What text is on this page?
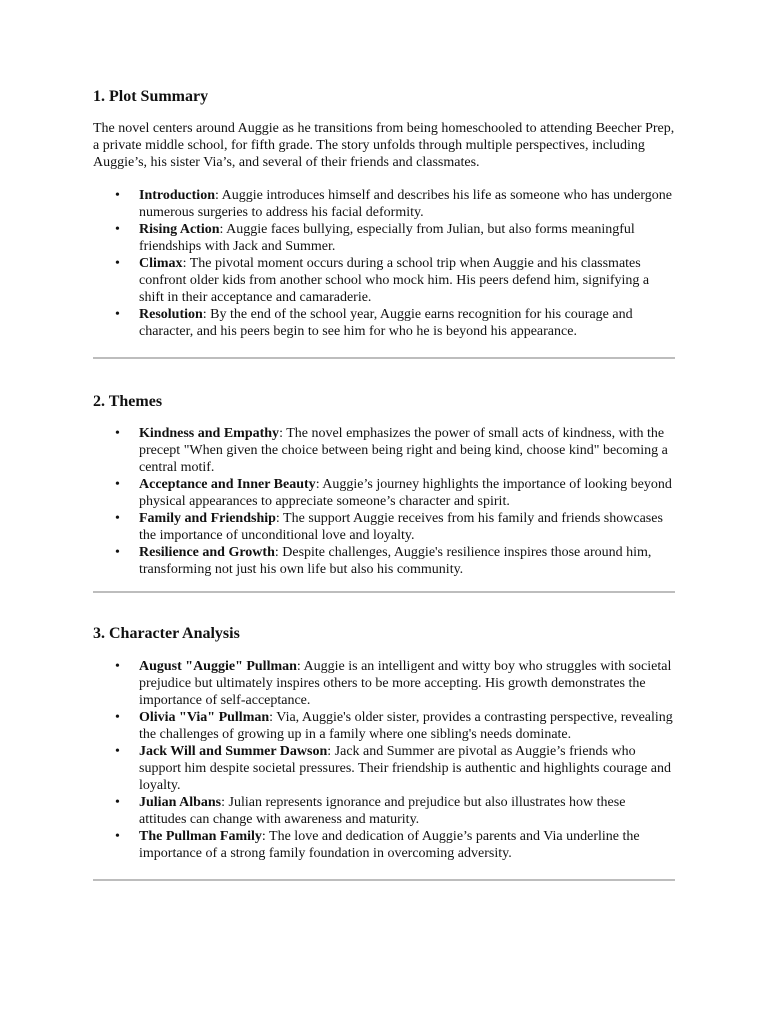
1. Plot Summary

The novel centers around Auggie as he transitions from being homeschooled to attending Beecher Prep, a private middle school, for fifth grade. The story unfolds through multiple perspectives, including Auggie’s, his sister Via’s, and several of their friends and classmates.

• Introduction: Auggie introduces himself and describes his life as someone who has undergone numerous surgeries to address his facial deformity.
• Rising Action: Auggie faces bullying, especially from Julian, but also forms meaningful friendships with Jack and Summer.
• Climax: The pivotal moment occurs during a school trip when Auggie and his classmates confront older kids from another school who mock him. His peers defend him, signifying a shift in their acceptance and camaraderie.
• Resolution: By the end of the school year, Auggie earns recognition for his courage and character, and his peers begin to see him for who he is beyond his appearance.
2. Themes
• Kindness and Empathy: The novel emphasizes the power of small acts of kindness, with the precept "When given the choice between being right and being kind, choose kind" becoming a central motif.
• Acceptance and Inner Beauty: Auggie’s journey highlights the importance of looking beyond physical appearances to appreciate someone’s character and spirit.
• Family and Friendship: The support Auggie receives from his family and friends showcases the importance of unconditional love and loyalty.
• Resilience and Growth: Despite challenges, Auggie's resilience inspires those around him, transforming not just his own life but also his community.
3. Character Analysis
• August "Auggie" Pullman: Auggie is an intelligent and witty boy who struggles with societal prejudice but ultimately inspires others to be more accepting. His growth demonstrates the importance of self-acceptance.
• Olivia "Via" Pullman: Via, Auggie's older sister, provides a contrasting perspective, revealing the challenges of growing up in a family where one sibling's needs dominate.
• Jack Will and Summer Dawson: Jack and Summer are pivotal as Auggie’s friends who support him despite societal pressures. Their friendship is authentic and highlights courage and loyalty.
• Julian Albans: Julian represents ignorance and prejudice but also illustrates how these attitudes can change with awareness and maturity.
• The Pullman Family: The love and dedication of Auggie’s parents and Via underline the importance of a strong family foundation in overcoming adversity.
